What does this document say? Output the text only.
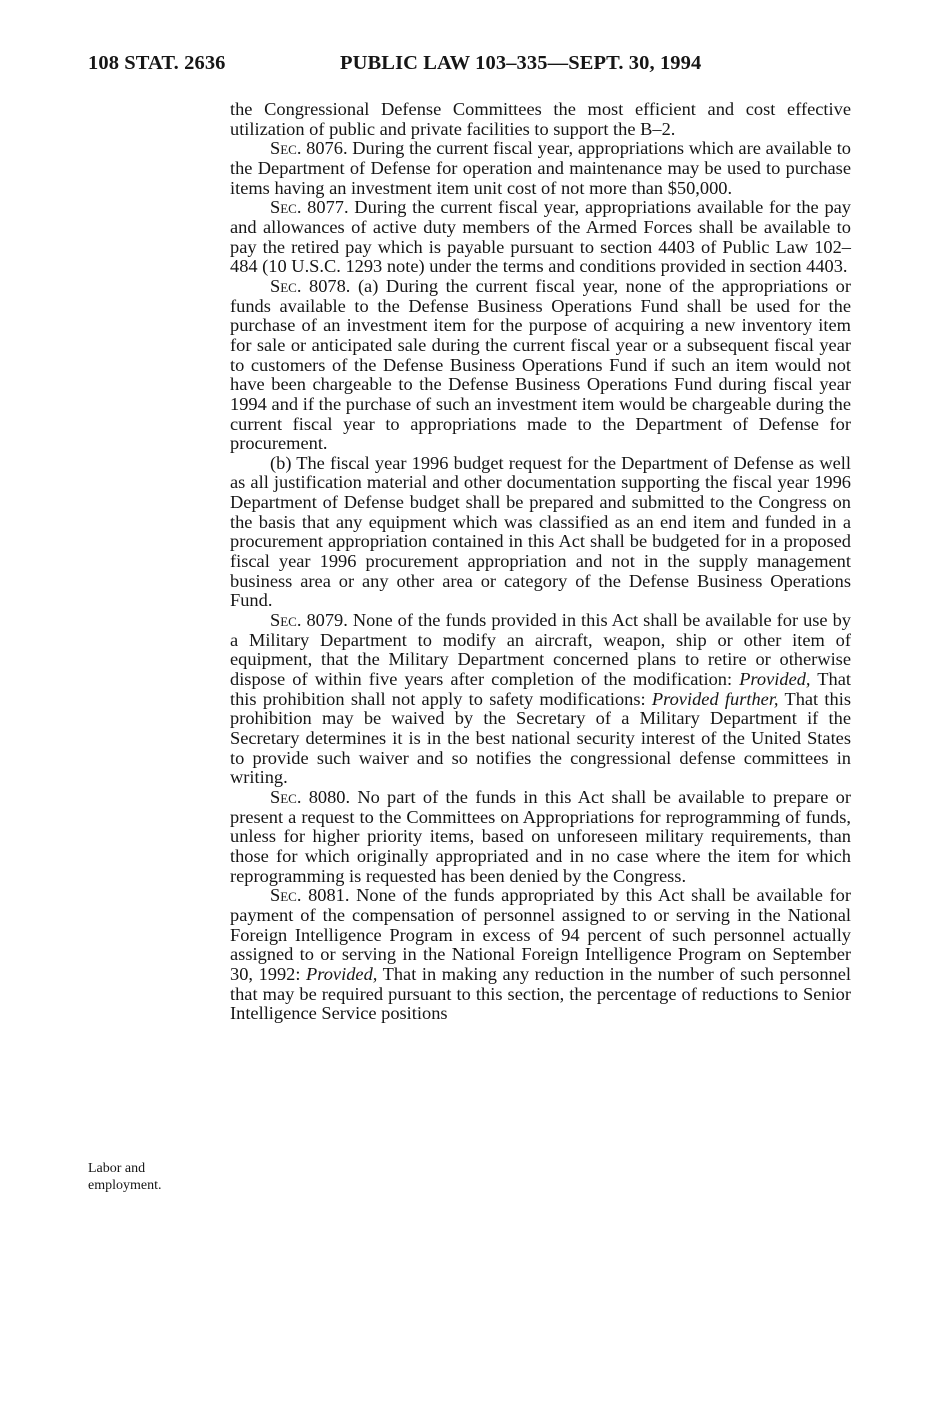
108 STAT. 2636	PUBLIC LAW 103–335—SEPT. 30, 1994

the Congressional Defense Committees the most efficient and cost effective utilization of public and private facilities to support the B–2.

Sec. 8076. During the current fiscal year, appropriations which are available to the Department of Defense for operation and maintenance may be used to purchase items having an investment item unit cost of not more than $50,000.

Sec. 8077. During the current fiscal year, appropriations available for the pay and allowances of active duty members of the Armed Forces shall be available to pay the retired pay which is payable pursuant to section 4403 of Public Law 102–484 (10 U.S.C. 1293 note) under the terms and conditions provided in section 4403.

Sec. 8078. (a) During the current fiscal year, none of the appropriations or funds available to the Defense Business Operations Fund shall be used for the purchase of an investment item for the purpose of acquiring a new inventory item for sale or anticipated sale during the current fiscal year or a subsequent fiscal year to customers of the Defense Business Operations Fund if such an item would not have been chargeable to the Defense Business Operations Fund during fiscal year 1994 and if the purchase of such an investment item would be chargeable during the current fiscal year to appropriations made to the Department of Defense for procurement.

(b) The fiscal year 1996 budget request for the Department of Defense as well as all justification material and other documentation supporting the fiscal year 1996 Department of Defense budget shall be prepared and submitted to the Congress on the basis that any equipment which was classified as an end item and funded in a procurement appropriation contained in this Act shall be budgeted for in a proposed fiscal year 1996 procurement appropriation and not in the supply management business area or any other area or category of the Defense Business Operations Fund.

Sec. 8079. None of the funds provided in this Act shall be available for use by a Military Department to modify an aircraft, weapon, ship or other item of equipment, that the Military Department concerned plans to retire or otherwise dispose of within five years after completion of the modification: Provided, That this prohibition shall not apply to safety modifications: Provided further, That this prohibition may be waived by the Secretary of a Military Department if the Secretary determines it is in the best national security interest of the United States to provide such waiver and so notifies the congressional defense committees in writing.

Sec. 8080. No part of the funds in this Act shall be available to prepare or present a request to the Committees on Appropriations for reprogramming of funds, unless for higher priority items, based on unforeseen military requirements, than those for which originally appropriated and in no case where the item for which reprogramming is requested has been denied by the Congress.

Sec. 8081. None of the funds appropriated by this Act shall be available for payment of the compensation of personnel assigned to or serving in the National Foreign Intelligence Program in excess of 94 percent of such personnel actually assigned to or serving in the National Foreign Intelligence Program on September 30, 1992: Provided, That in making any reduction in the number of such personnel that may be required pursuant to this section, the percentage of reductions to Senior Intelligence Service positions

Labor and
employment.
